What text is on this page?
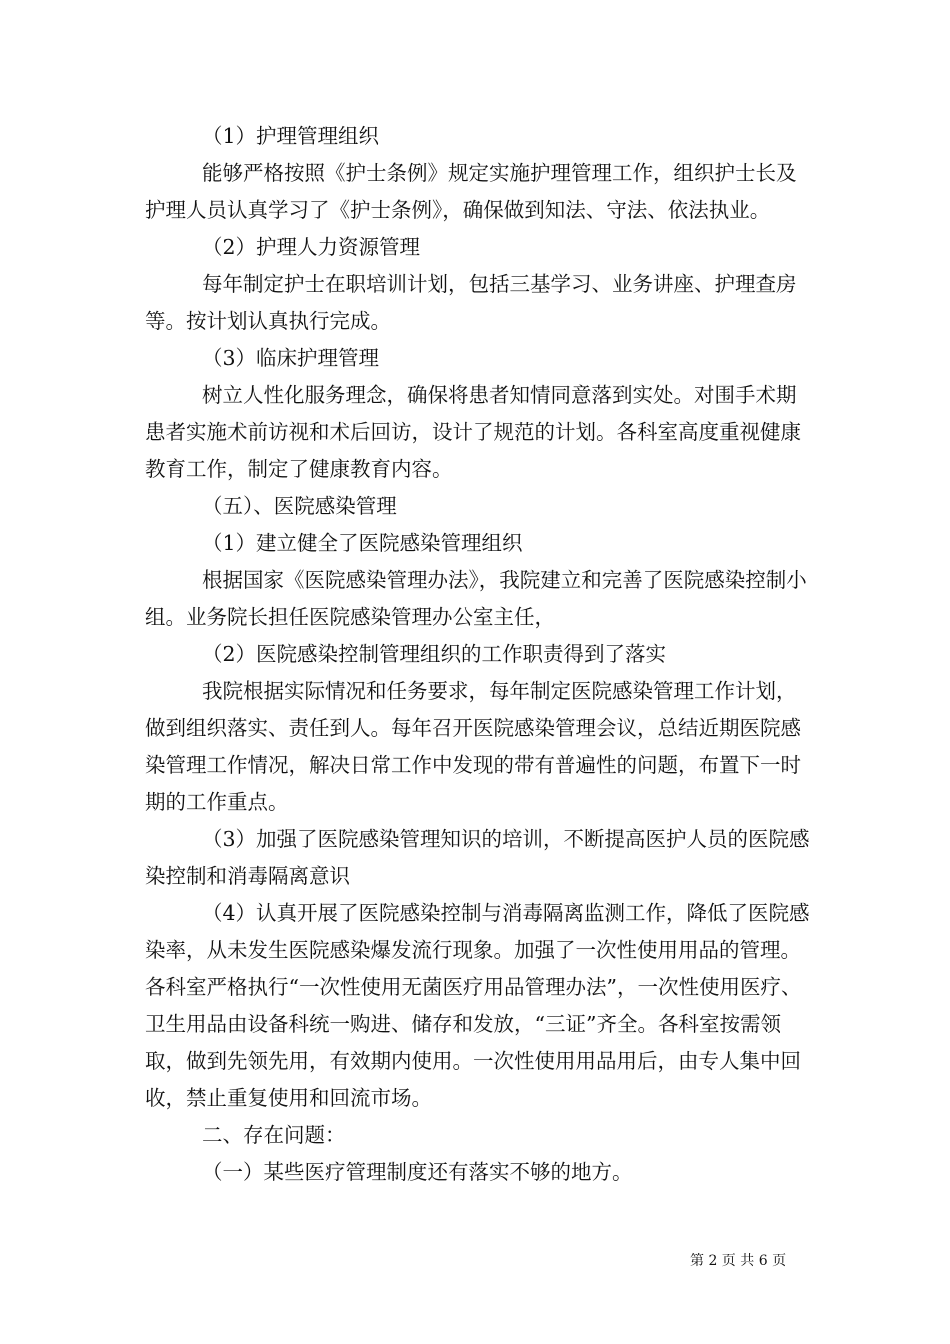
（1）护理管理组织

能够严格按照《护士条例》规定实施护理管理工作，组织护士长及护理人员认真学习了《护士条例》，确保做到知法、守法、依法执业。

（2）护理人力资源管理

每年制定护士在职培训计划，包括三基学习、业务讲座、护理查房等。按计划认真执行完成。

（3）临床护理管理

树立人性化服务理念，确保将患者知情同意落到实处。对围手术期患者实施术前访视和术后回访，设计了规范的计划。各科室高度重视健康教育工作，制定了健康教育内容。

（五）、医院感染管理

（1）建立健全了医院感染管理组织

根据国家《医院感染管理办法》，我院建立和完善了医院感染控制小组。业务院长担任医院感染管理办公室主任，

（2）医院感染控制管理组织的工作职责得到了落实

我院根据实际情况和任务要求，每年制定医院感染管理工作计划，做到组织落实、责任到人。每年召开医院感染管理会议，总结近期医院感染管理工作情况，解决日常工作中发现的带有普遍性的问题，布置下一时期的工作重点。

（3）加强了医院感染管理知识的培训，不断提高医护人员的医院感染控制和消毒隔离意识

（4）认真开展了医院感染控制与消毒隔离监测工作，降低了医院感染率，从未发生医院感染爆发流行现象。加强了一次性使用用品的管理。各科室严格执行“一次性使用无菌医疗用品管理办法”，一次性使用医疗、卫生用品由设备科统一购进、储存和发放，“三证”齐全。各科室按需领取，做到先领先用，有效期内使用。一次性使用用品用后，由专人集中回收，禁止重复使用和回流市场。

二、存在问题：

（一）某些医疗管理制度还有落实不够的地方。

第 2 页 共 6 页
